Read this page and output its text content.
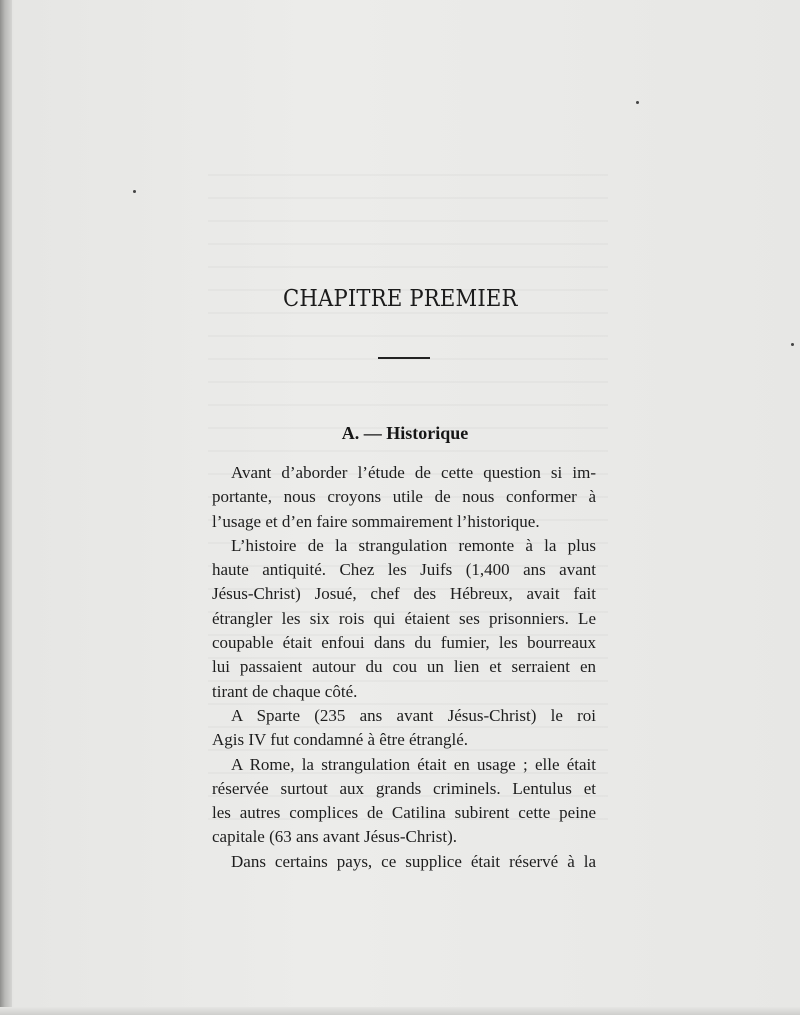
CHAPITRE PREMIER
A. — Historique

Avant d’aborder l’étude de cette question si im-

portante, nous croyons utile de nous conformer à

l’usage et d’en faire sommairement l’historique.

L’histoire de la strangulation remonte à la plus

haute antiquité. Chez les Juifs (1,400 ans avant

Jésus-Christ) Josué, chef des Hébreux, avait fait

étrangler les six rois qui étaient ses prisonniers. Le

coupable était enfoui dans du fumier, les bourreaux

lui passaient autour du cou un lien et serraient en

tirant de chaque côté.

A Sparte (235 ans avant Jésus-Christ) le roi

Agis IV fut condamné à être étranglé.

A Rome, la strangulation était en usage ; elle était

réservée surtout aux grands criminels. Lentulus et

les autres complices de Catilina subirent cette peine

capitale (63 ans avant Jésus-Christ).

Dans certains pays, ce supplice était réservé à la
